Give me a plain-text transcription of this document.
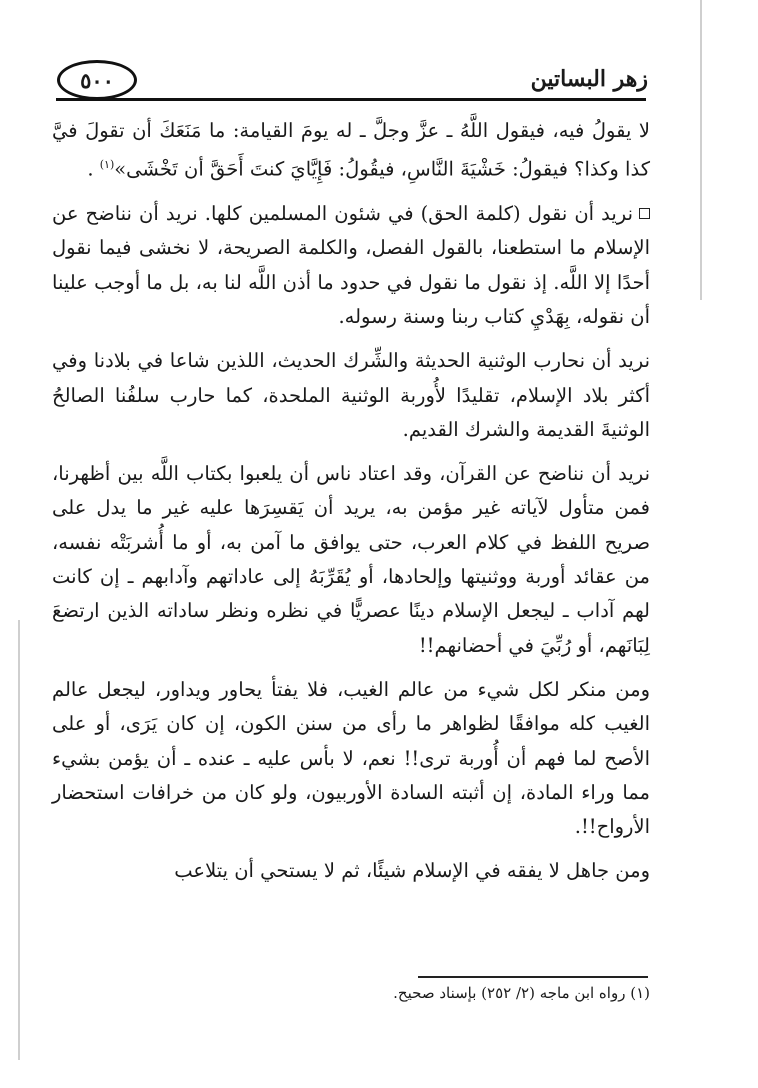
زهر البساتين
٥٠٠

لا يقولُ فيه، فيقول اللَّهُ ـ عزَّ وجلَّ ـ له يومَ القيامة: ما مَنَعَكَ أن تقولَ فيَّ كذا وكذا؟ فيقولُ: خَشْيَةَ النَّاسِ، فيقُولُ: فَإِيَّايَ كنتَ أَحَقَّ أن تَخْشَى»$^{(١)}$ .

نريد أن نقول (كلمة الحق) في شئون المسلمين كلها. نريد أن نناضح عن الإسلام ما استطعنا، بالقول الفصل، والكلمة الصريحة، لا نخشى فيما نقول أحدًا إلا اللَّه. إذ نقول ما نقول في حدود ما أذن اللَّه لنا به، بل ما أوجب علينا أن نقوله، بِهَدْيِ كتاب ربنا وسنة رسوله.

نريد أن نحارب الوثنية الحديثة والشِّرك الحديث، اللذين شاعا في بلادنا وفي أكثر بلاد الإسلام، تقليدًا لأُوربة الوثنية الملحدة، كما حارب سلفُنا الصالحُ الوثنيةَ القديمة والشرك القديم.

نريد أن نناضح عن القرآن، وقد اعتاد ناس أن يلعبوا بكتاب اللَّه بين أظهرنا، فمن متأول لآياته غير مؤمن به، يريد أن يَقسِرَها عليه غير ما يدل على صريح اللفظ في كلام العرب، حتى يوافق ما آمن به، أو ما أُشربَتْه نفسه، من عقائد أوربة ووثنيتها وإلحادها، أو يُقَرِّبَهُ إلى عاداتهم وآدابهم ـ إن كانت لهم آداب ـ ليجعل الإسلام دينًا عصريًّا في نظره ونظر ساداته الذين ارتضعَ لِبَانَهم، أو رُبِّيَ في أحضانهم!!

ومن منكر لكل شيء من عالم الغيب، فلا يفتأ يحاور ويداور، ليجعل عالم الغيب كله موافقًا لظواهر ما رأى من سنن الكون، إن كان يَرَى، أو على الأصح لما فهم أن أُوربة ترى!! نعم، لا بأس عليه ـ عنده ـ أن يؤمن بشيء مما وراء المادة، إن أثبته السادة الأوربيون، ولو كان من خرافات استحضار الأرواح!!.

ومن جاهل لا يفقه في الإسلام شيئًا، ثم لا يستحي أن يتلاعب

(١) رواه ابن ماجه (٢/ ٢٥٢) بإسناد صحيح.
